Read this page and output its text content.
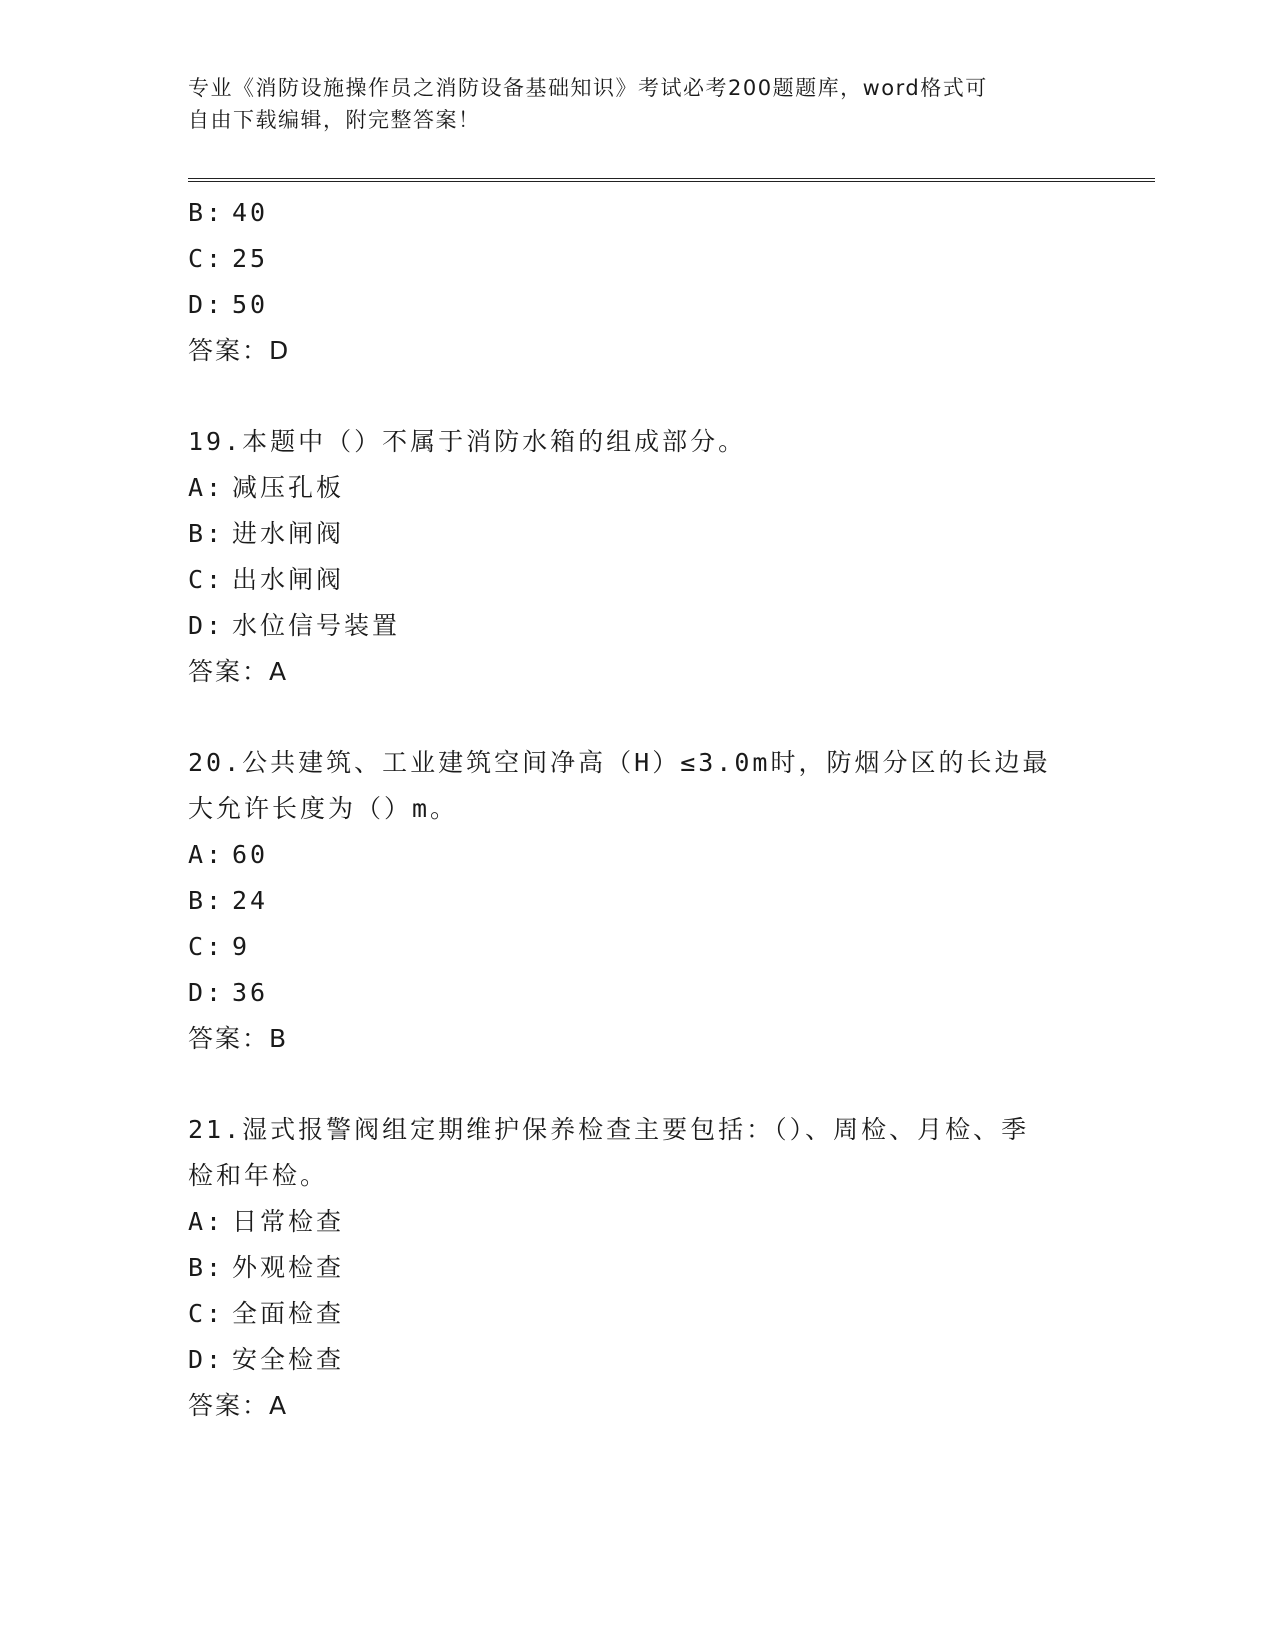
专业《消防设施操作员之消防设备基础知识》考试必考200题题库，word格式可
自由下载编辑，附完整答案！
B: 40
C: 25
D: 50
答案：D
19.本题中（）不属于消防水箱的组成部分。
A: 减压孔板
B: 进水闸阀
C: 出水闸阀
D: 水位信号装置
答案：A
20.公共建筑、工业建筑空间净高（H）≤3.0m时，防烟分区的长边最
大允许长度为（）m。
A: 60
B: 24
C: 9
D: 36
答案：B
21.湿式报警阀组定期维护保养检查主要包括：（）、周检、月检、季
检和年检。
A: 日常检查
B: 外观检查
C: 全面检查
D: 安全检查
答案：A
